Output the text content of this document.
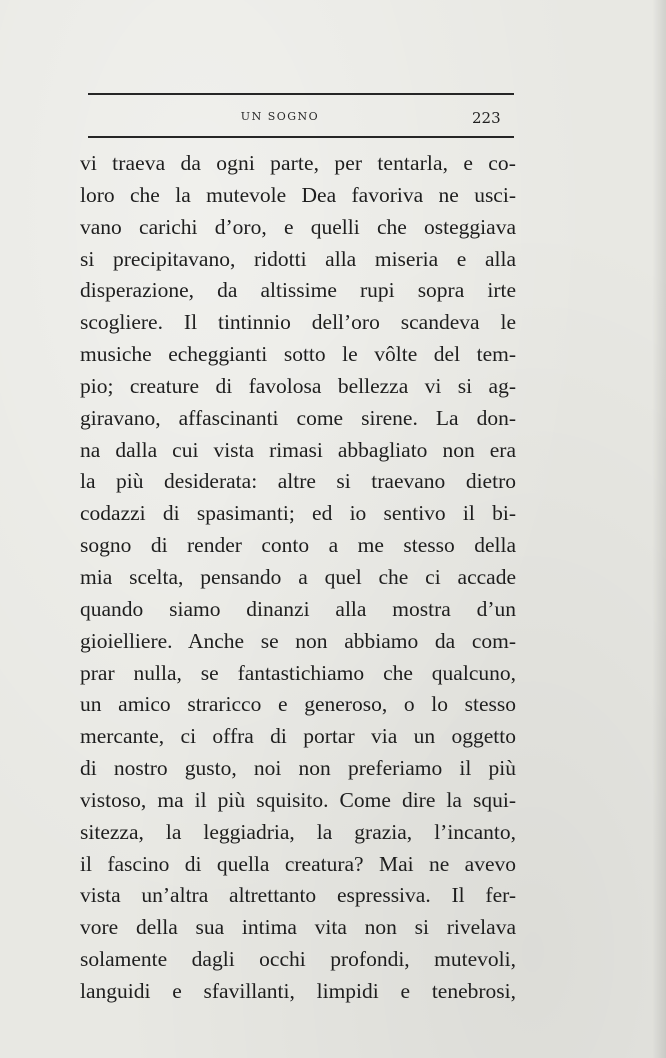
UN SOGNO	223
vi traeva da ogni parte, per tentarla, e co-
loro che la mutevole Dea favoriva ne usci-
vano carichi d’oro, e quelli che osteggiava
si precipitavano, ridotti alla miseria e alla
disperazione, da altissime rupi sopra irte
scogliere. Il tintinnio dell’oro scandeva le
musiche echeggianti sotto le vôlte del tem-
pio; creature di favolosa bellezza vi si ag-
giravano, affascinanti come sirene. La don-
na dalla cui vista rimasi abbagliato non era
la più desiderata: altre si traevano dietro
codazzi di spasimanti; ed io sentivo il bi-
sogno di render conto a me stesso della
mia scelta, pensando a quel che ci accade
quando siamo dinanzi alla mostra d’un
gioielliere. Anche se non abbiamo da com-
prar nulla, se fantastichiamo che qualcuno,
un amico straricco e generoso, o lo stesso
mercante, ci offra di portar via un oggetto
di nostro gusto, noi non preferiamo il più
vistoso, ma il più squisito. Come dire la squi-
sitezza, la leggiadria, la grazia, l’incanto,
il fascino di quella creatura? Mai ne avevo
vista un’altra altrettanto espressiva. Il fer-
vore della sua intima vita non si rivelava
solamente dagli occhi profondi, mutevoli,
languidi e sfavillanti, limpidi e tenebrosi,
